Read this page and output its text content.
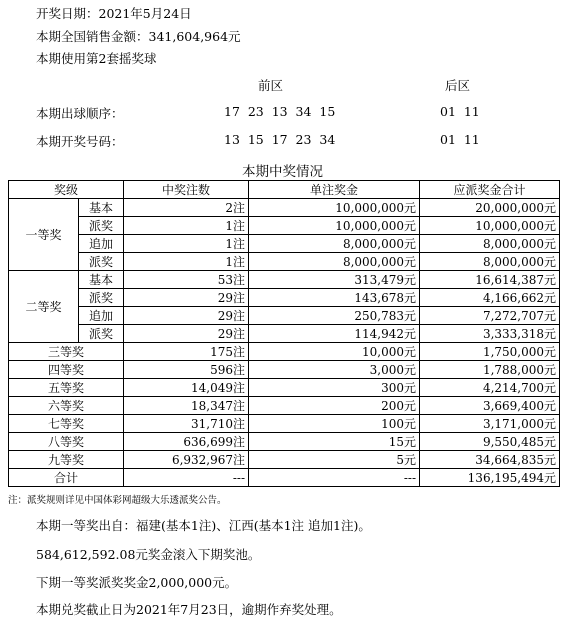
开奖日期：2021年5月24日
本期全国销售金额：341,604,964元
本期使用第2套摇奖球
前区	后区
本期出球顺序：	17  23  13  34  15	01  11
本期开奖号码：	13  15  17  23  34	01  11
本期中奖情况
奖级		中奖注数	单注奖金	应派奖金合计
一等奖	基本	2注	10,000,000元	20,000,000元
	派奖	1注	10,000,000元	10,000,000元
	追加	1注	8,000,000元	8,000,000元
	派奖	1注	8,000,000元	8,000,000元
二等奖	基本	53注	313,479元	16,614,387元
	派奖	29注	143,678元	4,166,662元
	追加	29注	250,783元	7,272,707元
	派奖	29注	114,942元	3,333,318元
三等奖		175注	10,000元	1,750,000元
四等奖		596注	3,000元	1,788,000元
五等奖		14,049注	300元	4,214,700元
六等奖		18,347注	200元	3,669,400元
七等奖		31,710注	100元	3,171,000元
八等奖		636,699注	15元	9,550,485元
九等奖		6,932,967注	5元	34,664,835元
合计		---	---	136,195,494元
注：派奖规则详见中国体彩网超级大乐透派奖公告。
本期一等奖出自：福建(基本1注)、江西(基本1注 追加1注)。
584,612,592.08元奖金滚入下期奖池。
下期一等奖派奖奖金2,000,000元。
本期兑奖截止日为2021年7月23日，逾期作弃奖处理。
